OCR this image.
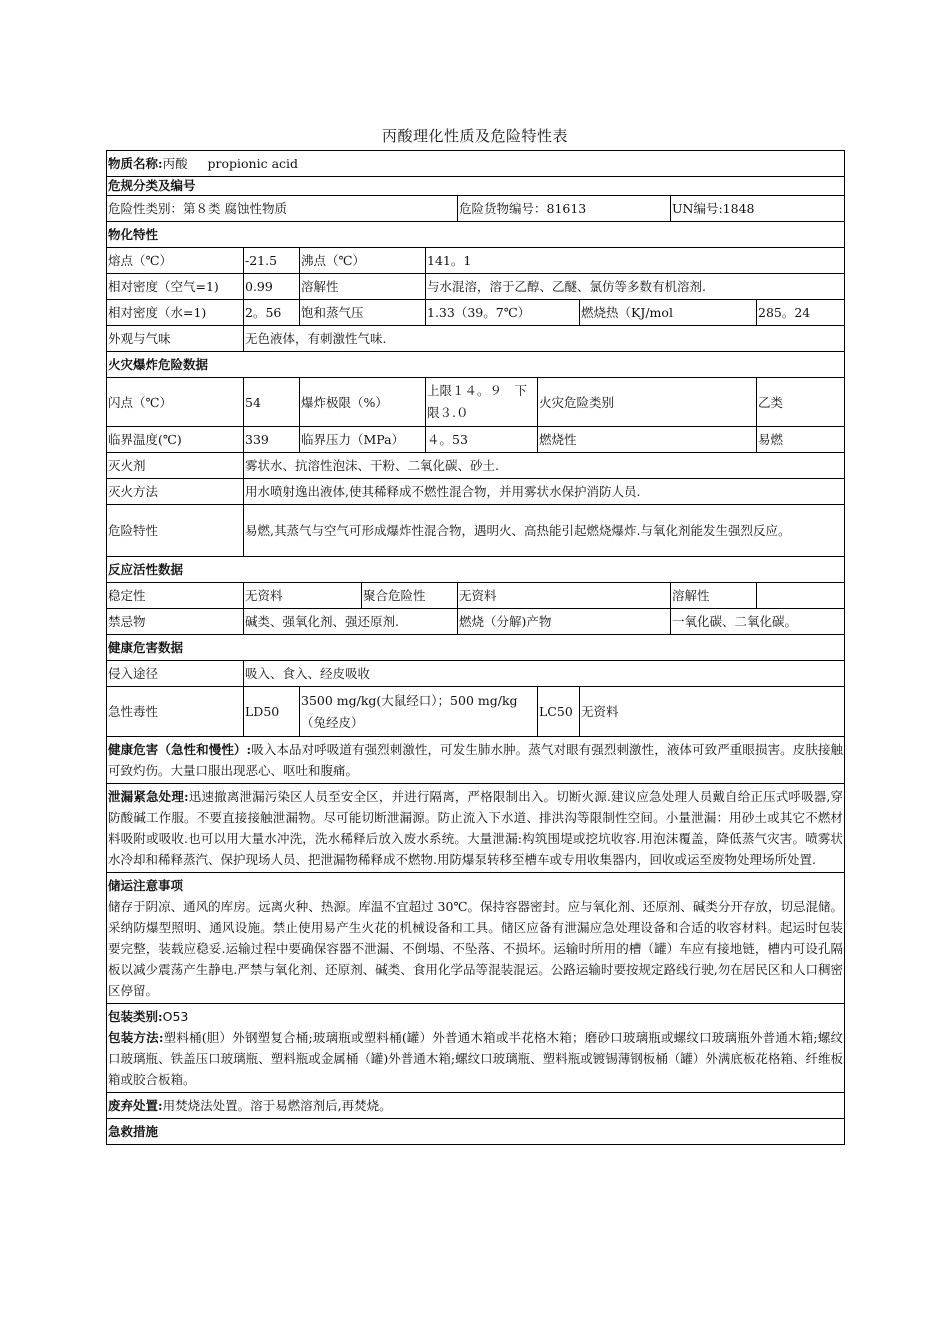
丙酸理化性质及危险特性表
物质名称:丙酸 propionic acid									
危规分类及编号									
危险性类别：第８类 腐蚀性物质					危险货物编号：81613			UN编号:1848	
物化特性									
熔点（℃）	-21.5	沸点（℃）		141。1					
相对密度（空气=1)	0.99	溶解性		与水混溶，溶于乙醇、乙醚、氯仿等多数有机溶剂.					
相对密度（水=1)	2。56	饱和蒸气压		1.33（39。7℃）			燃烧热（KJ/mol		285。24
外观与气味	无色液体，有刺激性气味.								
火灾爆炸危险数据									
闪点（℃）	54	爆炸极限（%）		上限１４。９　下限３.０		火灾危险类别			乙类
临界温度(℃)	339	临界压力（MPa）		４。53		燃烧性			易燃
灭火剂	雾状水、抗溶性泡沫、干粉、二氧化碳、砂土.								
灭火方法	用水喷射逸出液体,使其稀释成不燃性混合物，并用雾状水保护消防人员.								
危险特性	易燃,其蒸气与空气可形成爆炸性混合物，遇明火、高热能引起燃烧爆炸.与氧化剂能发生强烈反应。								
反应活性数据									
稳定性	无资料		聚合危险性		无资料			溶解性	
禁忌物	碱类、强氧化剂、强还原剂.				燃烧（分解)产物			一氧化碳、二氧化碳。	
健康危害数据									
侵入途径	吸入、食入、经皮吸收								
急性毒性	LD50	3500 mg/kg(大鼠经口）；500 mg/kg（兔经皮）				LC50	无资料		
健康危害（急性和慢性）:吸入本品对呼吸道有强烈刺激性，可发生肺水肿。蒸气对眼有强烈刺激性，液体可致严重眼损害。皮肤接触可致灼伤。大量口服出现恶心、呕吐和腹痛。									
泄漏紧急处理:迅速撤离泄漏污染区人员至安全区，并进行隔离，严格限制出入。切断火源.建议应急处理人员戴自给正压式呼吸器,穿防酸碱工作服。不要直接接触泄漏物。尽可能切断泄漏源。防止流入下水道、排洪沟等限制性空间。小量泄漏：用砂土或其它不燃材料吸附或吸收.也可以用大量水冲洗，洗水稀释后放入废水系统。大量泄漏:构筑围堤或挖坑收容.用泡沫覆盖，降低蒸气灾害。喷雾状水冷却和稀释蒸汽、保护现场人员、把泄漏物稀释成不燃物.用防爆泵转移至槽车或专用收集器内，回收或运至废物处理场所处置.									

储运注意事项
储存于阴凉、通风的库房。远离火种、热源。库温不宜超过 30℃。保持容器密封。应与氧化剂、还原剂、碱类分开存放，切忌混储。采纳防爆型照明、通风设施。禁止使用易产生火花的机械设备和工具。储区应备有泄漏应急处理设备和合适的收容材料。起运时包装要完整，装载应稳妥.运输过程中要确保容器不泄漏、不倒塌、不坠落、不损坏。运输时所用的槽（罐）车应有接地链，槽内可设孔隔板以减少震荡产生静电.严禁与氧化剂、还原剂、碱类、食用化学品等混装混运。公路运输时要按规定路线行驶,勿在居民区和人口稠密区停留。									

包装类别:O53
包装方法:塑料桶(胆）外钢塑复合桶;玻璃瓶或塑料桶(罐）外普通木箱或半花格木箱；磨砂口玻璃瓶或螺纹口玻璃瓶外普通木箱;螺纹口玻璃瓶、铁盖压口玻璃瓶、塑料瓶或金属桶（罐)外普通木箱;螺纹口玻璃瓶、塑料瓶或镀锡薄钢板桶（罐）外满底板花格箱、纤维板箱或胶合板箱。									

废弃处置:用焚烧法处置。溶于易燃溶剂后,再焚烧。									
急救措施									
